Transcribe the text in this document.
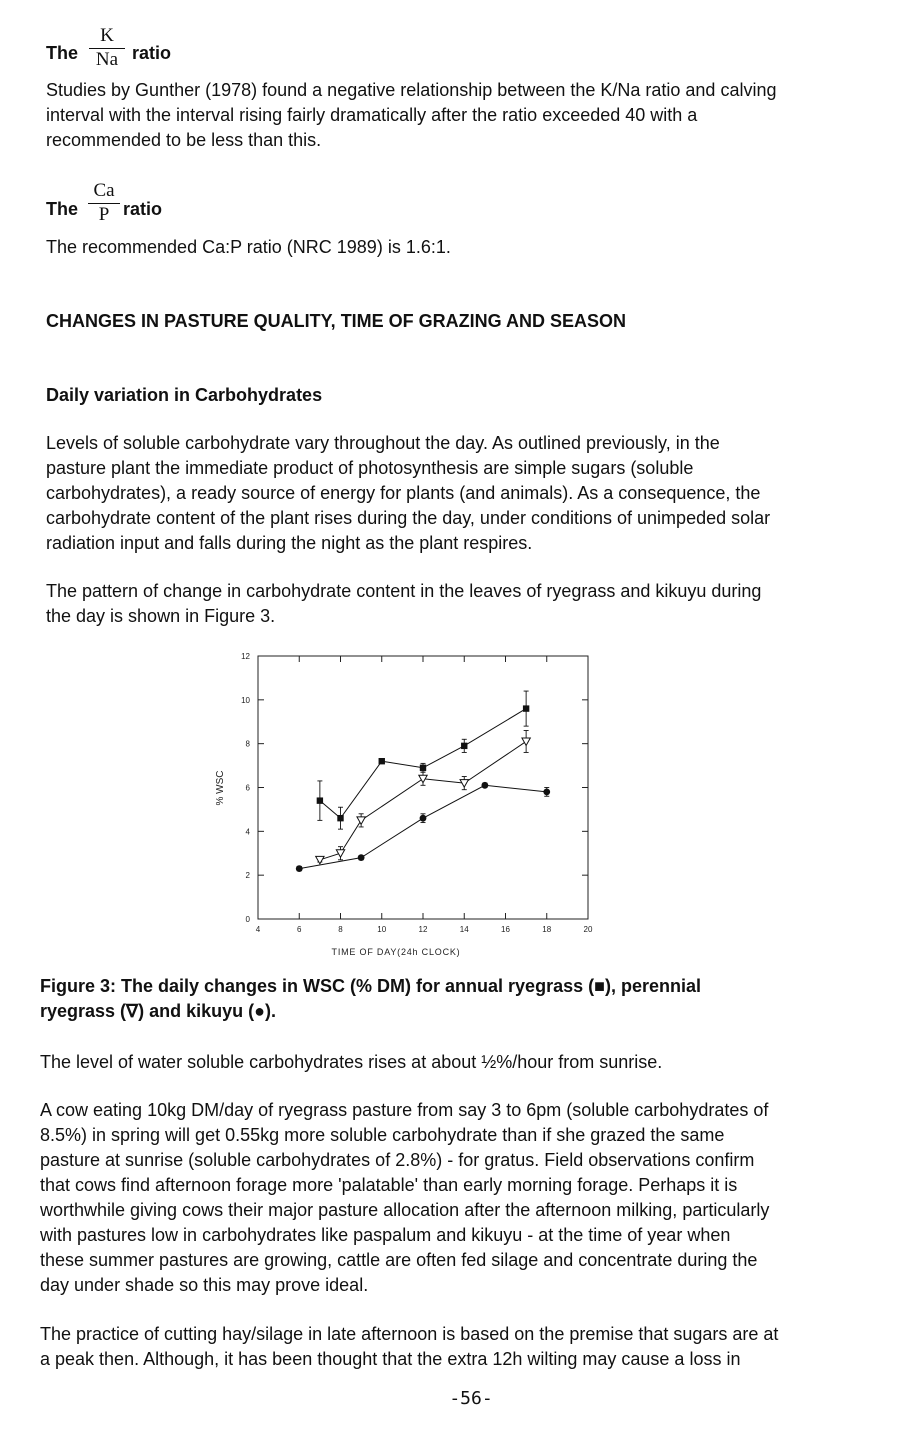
The
K
Na ratio
Studies by Gunther (1978) found a negative relationship between the K/Na ratio and calving
interval with the interval rising fairly dramatically after the ratio exceeded 40 with a
recommended to be less than this.
The
Ca
P ratio
The recommended Ca:P ratio (NRC 1989) is 1.6:1.
CHANGES IN PASTURE QUALITY, TIME OF GRAZING AND SEASON
Daily variation in Carbohydrates
Levels of soluble carbohydrate vary throughout the day. As outlined previously, in the
pasture plant the immediate product of photosynthesis are simple sugars (soluble
carbohydrates), a ready source of energy for plants (and animals). As a consequence, the
carbohydrate content of the plant rises during the day, under conditions of unimpeded solar
radiation input and falls during the night as the plant respires.
The pattern of change in carbohydrate content in the leaves of ryegrass and kikuyu during
the day is shown in Figure 3.
4	6	8	10	12	14	16	18	20
0
2
4
6
8
10
12
% WSC
TIME OF DAY(24h CLOCK)
Figure 3: The daily changes in WSC (% DM) for annual ryegrass (■), perennial
ryegrass (∇) and kikuyu (●).
The level of water soluble carbohydrates rises at about ½%/hour from sunrise.
A cow eating 10kg DM/day of ryegrass pasture from say 3 to 6pm (soluble carbohydrates of
8.5%) in spring will get 0.55kg more soluble carbohydrate than if she grazed the same
pasture at sunrise (soluble carbohydrates of 2.8%) - for gratus. Field observations confirm
that cows find afternoon forage more 'palatable' than early morning forage. Perhaps it is
worthwhile giving cows their major pasture allocation after the afternoon milking, particularly
with pastures low in carbohydrates like paspalum and kikuyu - at the time of year when
these summer pastures are growing, cattle are often fed silage and concentrate during the
day under shade so this may prove ideal.
The practice of cutting hay/silage in late afternoon is based on the premise that sugars are at
a peak then. Although, it has been thought that the extra 12h wilting may cause a loss in
-56-
